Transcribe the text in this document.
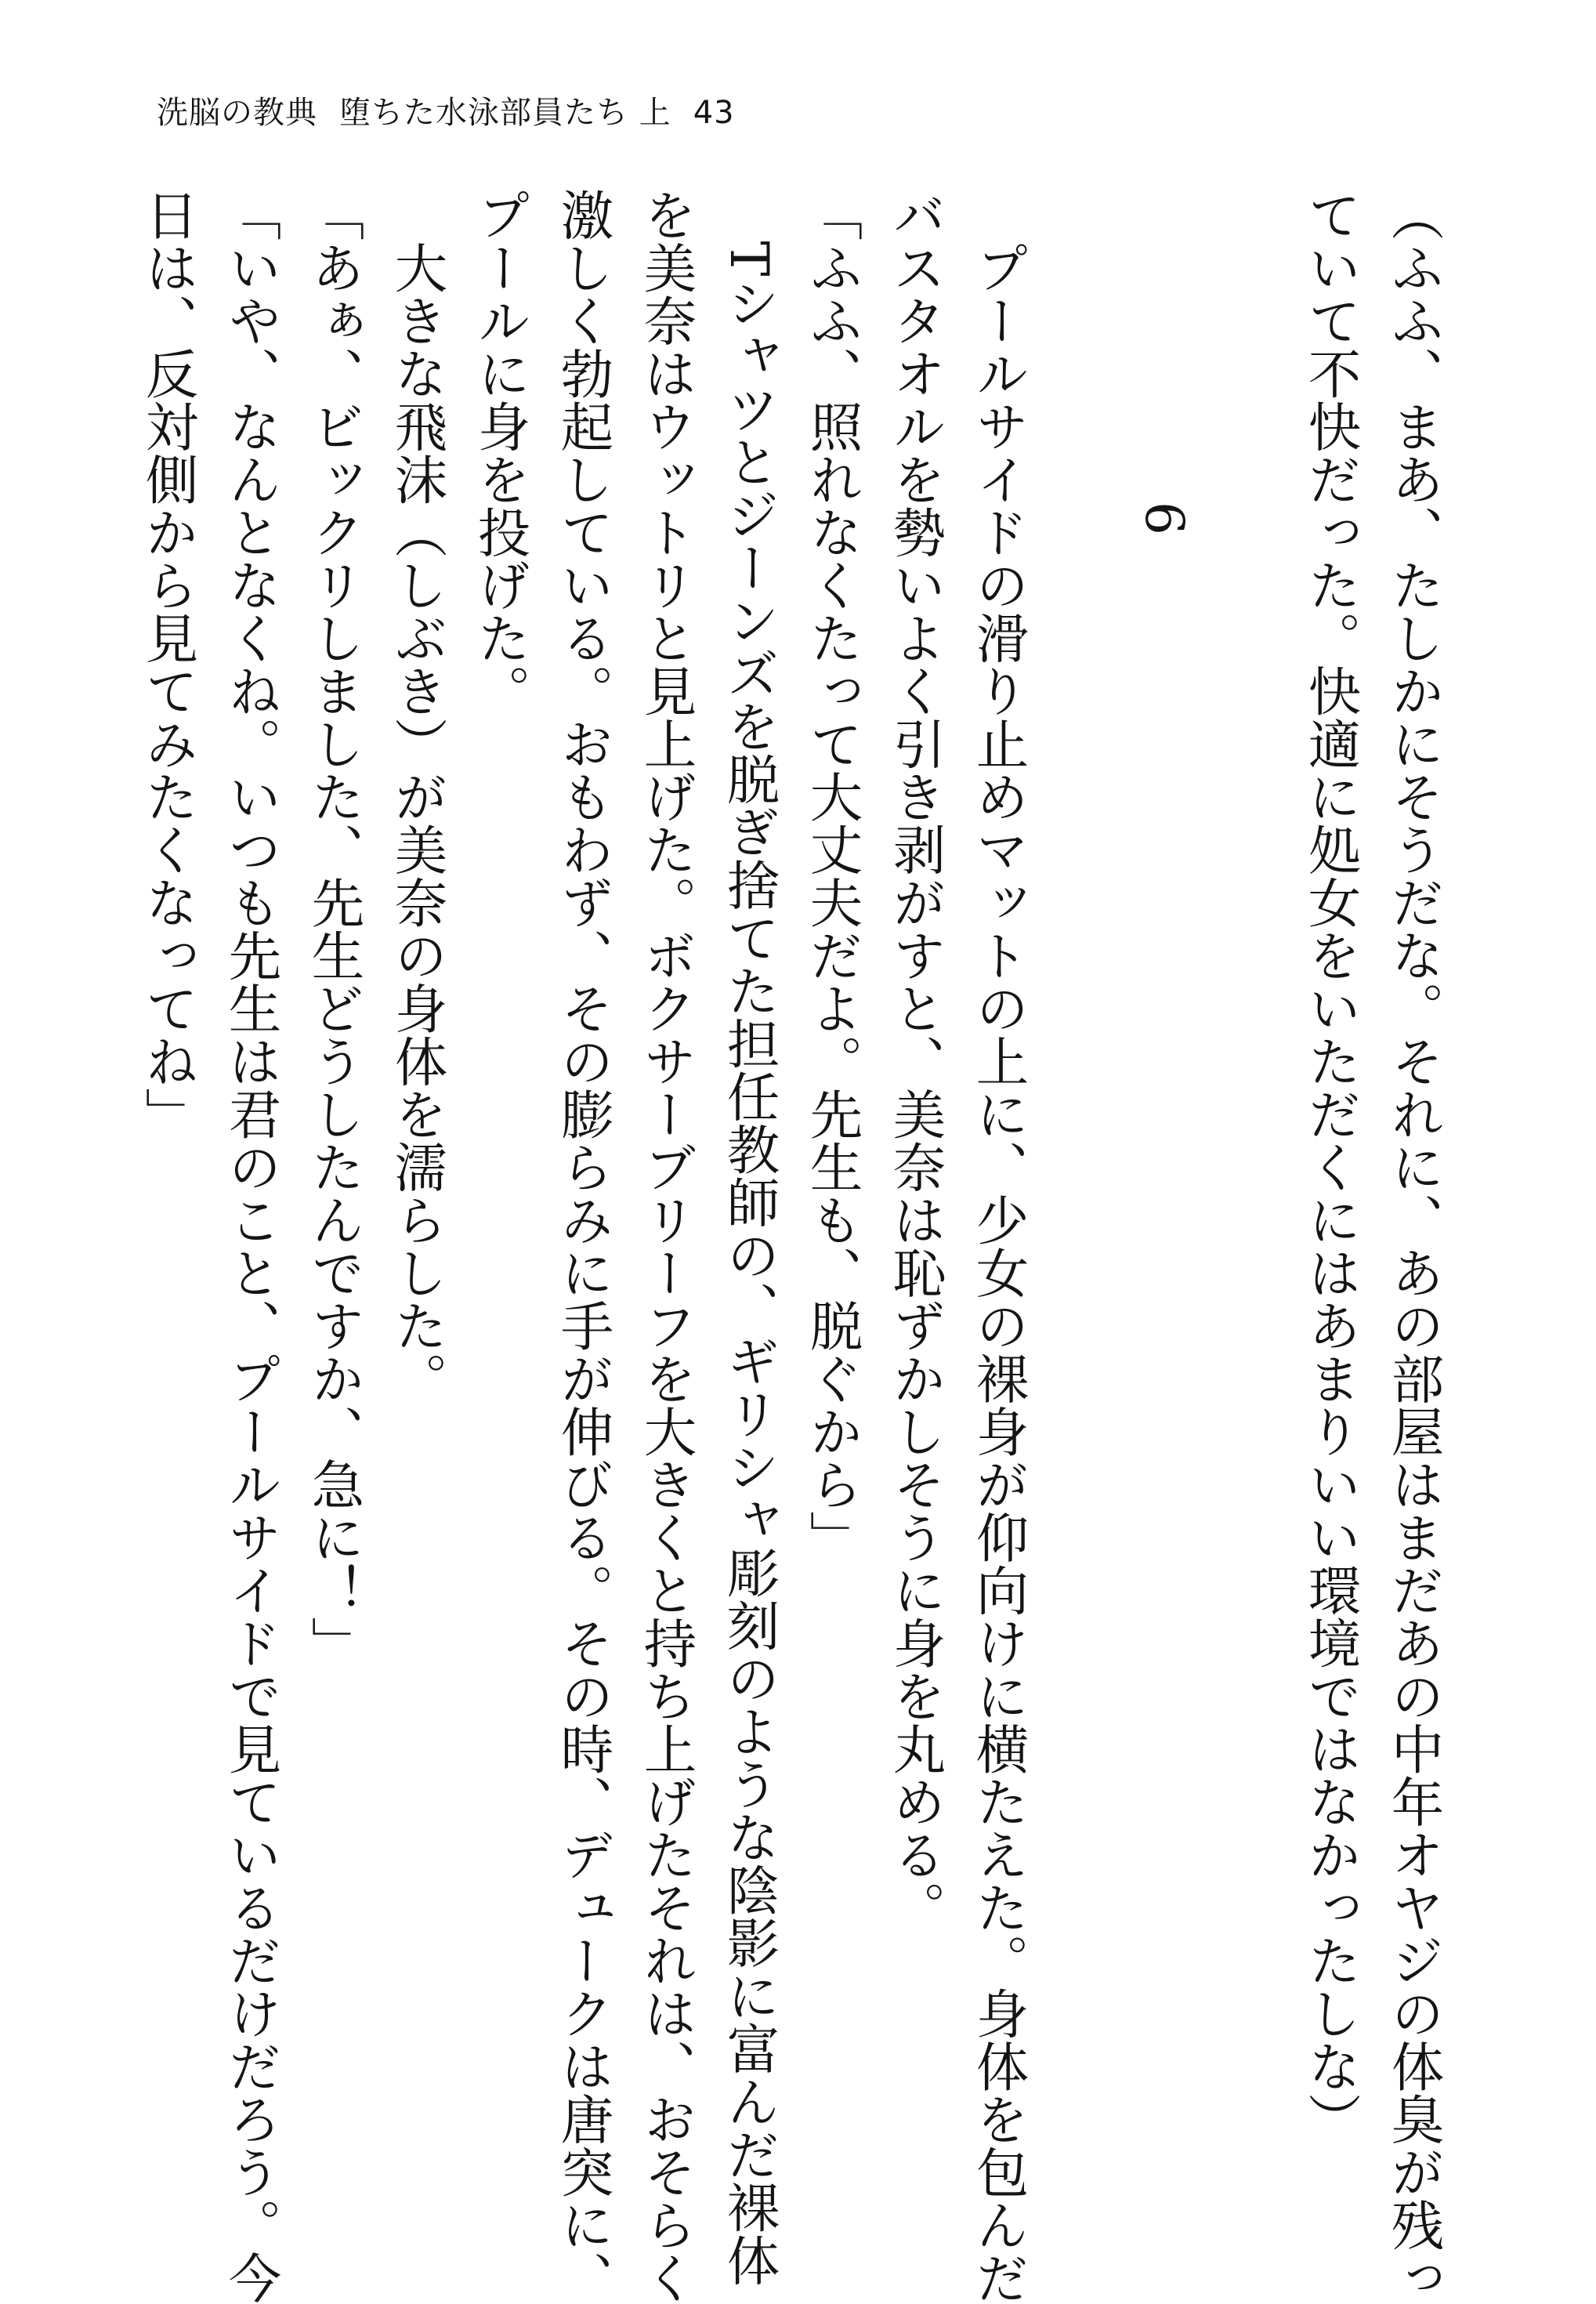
洗脳の教典 堕ちた水泳部員たち 上 43

（ふふ、まあ、たしかにそうだな。それに、あの部屋はまだあの中年オヤジの体臭が残っ

ていて不快だった。快適に処女をいただくにはあまりいい環境ではなかったしな）

6

　プールサイドの滑り止めマットの上に、少女の裸身が仰向けに横たえた。身体を包んだ

バスタオルを勢いよく引き剥がすと、美奈は恥ずかしそうに身を丸める。

「ふふ、照れなくたって大丈夫だよ。先生も、脱ぐから」

　Tシャツとジーンズを脱ぎ捨てた担任教師の、ギリシャ彫刻のような陰影に富んだ裸体

を美奈はウットリと見上げた。ボクサーブリーフを大きくと持ち上げたそれは、おそらく

激しく勃起している。おもわず、その膨らみに手が伸びる。その時、デュークは唐突に、

プールに身を投げた。

　大きな飛沫（しぶき）が美奈の身体を濡らした。

「あぁ、ビックリしました、先生どうしたんですか、急に！」

「いや、なんとなくね。いつも先生は君のこと、プールサイドで見ているだけだろう。今

日は、反対側から見てみたくなってね」
